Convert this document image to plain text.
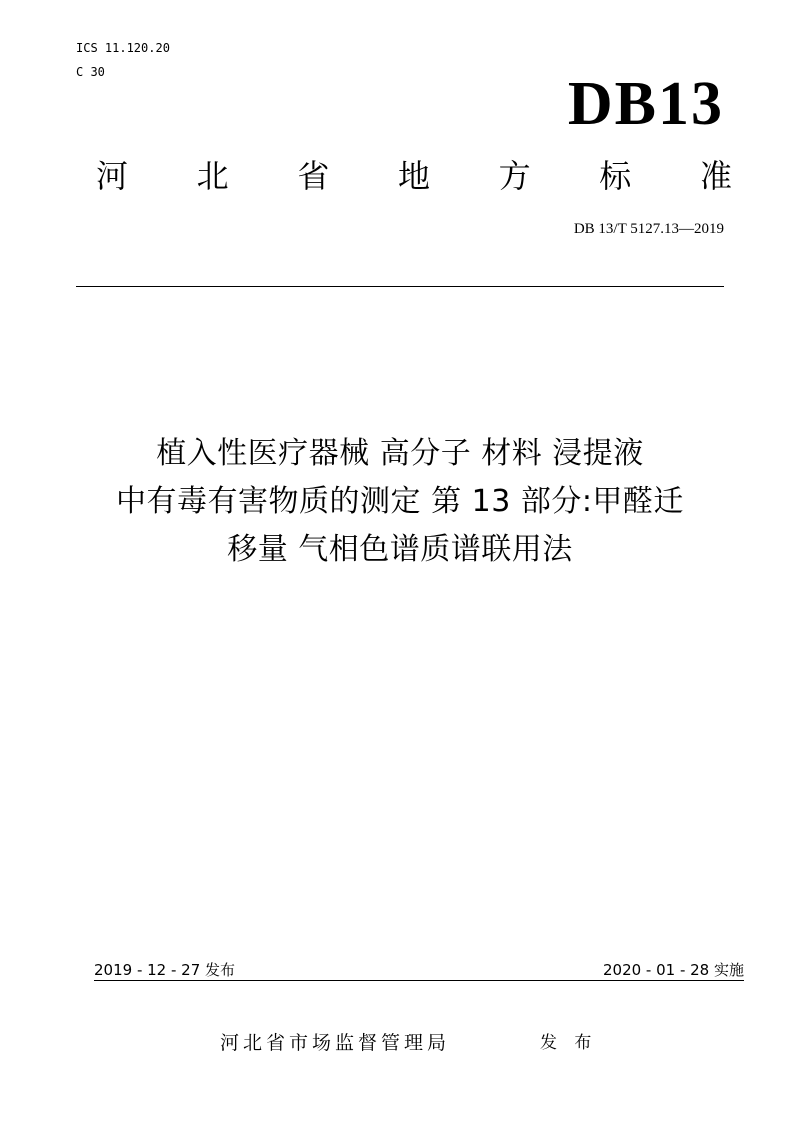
ICS 11.120.20
C 30	DB13
河 北 省 地 方 标 准
DB 13/T 5127.13—2019
植入性医疗器械 高分子 材料 浸提液
中有毒有害物质的测定 第 13 部分:甲醛迁
移量 气相色谱质谱联用法
2019 - 12 - 27 发布	2020 - 01 - 28 实施
河北省市场监督管理局	发 布
